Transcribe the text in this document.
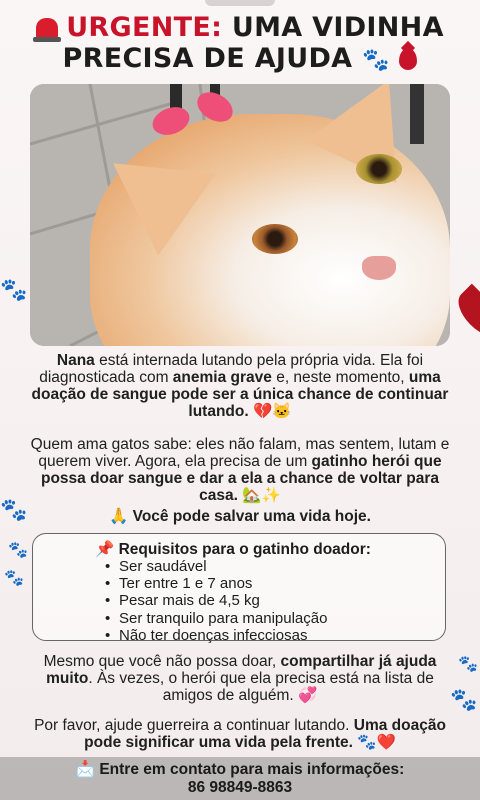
URGENTE: UMA VIDINHA
PRECISA DE AJUDA 🐾
Nana está internada lutando pela própria vida. Ela foi diagnosticada com anemia grave e, neste momento, uma doação de sangue pode ser a única chance de continuar lutando. 💔🐱
Quem ama gatos sabe: eles não falam, mas sentem, lutam e querem viver. Agora, ela precisa de um gatinho herói que possa doar sangue e dar a ela a chance de voltar para casa. 🏡✨
🙏 Você pode salvar uma vida hoje.
📌 Requisitos para o gatinho doador:
• Ser saudável
• Ter entre 1 e 7 anos
• Pesar mais de 4,5 kg
• Ser tranquilo para manipulação
• Não ter doenças infecciosas
Mesmo que você não possa doar, compartilhar já ajuda muito. Às vezes, o herói que ela precisa está na lista de amigos de alguém. 💞
Por favor, ajude guerreira a continuar lutando. Uma doação pode significar uma vida pela frente. 🐾❤️
📩 Entre em contato para mais informações:
86 98849-8863
🐾
🐾
🐾
🐾
🐾
🐾
